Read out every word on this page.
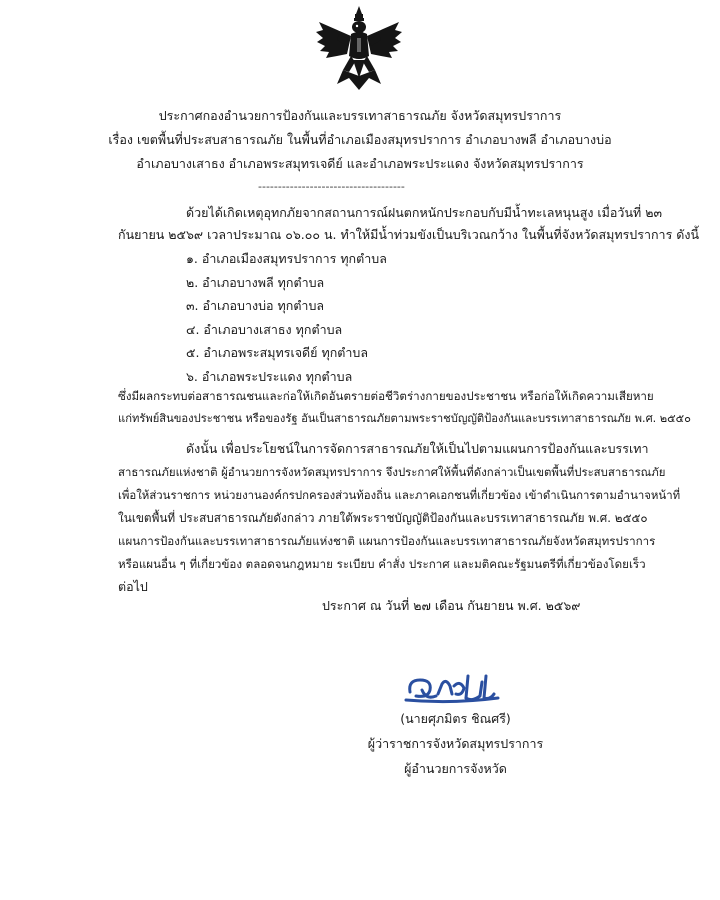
ประกาศกองอำนวยการป้องกันและบรรเทาสาธารณภัย จังหวัดสมุทรปราการ
เรื่อง เขตพื้นที่ประสบสาธารณภัย ในพื้นที่อำเภอเมืองสมุทรปราการ อำเภอบางพลี อำเภอบางบ่อ
อำเภอบางเสาธง อำเภอพระสมุทรเจดีย์ และอำเภอพระประแดง จังหวัดสมุทรปราการ
-------------------------------------
ด้วยได้เกิดเหตุอุทกภัยจากสถานการณ์ฝนตกหนักประกอบกับมีน้ำทะเลหนุนสูง เมื่อวันที่ ๒๓
กันยายน ๒๕๖๙ เวลาประมาณ ๐๖.๐๐ น. ทำให้มีน้ำท่วมขังเป็นบริเวณกว้าง ในพื้นที่จังหวัดสมุทรปราการ ดังนี้
๑. อำเภอเมืองสมุทรปราการ ทุกตำบล
๒. อำเภอบางพลี ทุกตำบล
๓. อำเภอบางบ่อ ทุกตำบล
๔. อำเภอบางเสาธง ทุกตำบล
๕. อำเภอพระสมุทรเจดีย์ ทุกตำบล
๖. อำเภอพระประแดง ทุกตำบล
ซึ่งมีผลกระทบต่อสาธารณชนและก่อให้เกิดอันตรายต่อชีวิตร่างกายของประชาชน หรือก่อให้เกิดความเสียหาย
แก่ทรัพย์สินของประชาชน หรือของรัฐ อันเป็นสาธารณภัยตามพระราชบัญญัติป้องกันและบรรเทาสาธารณภัย พ.ศ. ๒๕๕๐
ดังนั้น เพื่อประโยชน์ในการจัดการสาธารณภัยให้เป็นไปตามแผนการป้องกันและบรรเทา
สาธารณภัยแห่งชาติ ผู้อำนวยการจังหวัดสมุทรปราการ จึงประกาศให้พื้นที่ดังกล่าวเป็นเขตพื้นที่ประสบสาธารณภัย
เพื่อให้ส่วนราชการ หน่วยงานองค์กรปกครองส่วนท้องถิ่น และภาคเอกชนที่เกี่ยวข้อง เข้าดำเนินการตามอำนาจหน้าที่
ในเขตพื้นที่ ประสบสาธารณภัยดังกล่าว ภายใต้พระราชบัญญัติป้องกันและบรรเทาสาธารณภัย พ.ศ. ๒๕๕๐
แผนการป้องกันและบรรเทาสาธารณภัยแห่งชาติ แผนการป้องกันและบรรเทาสาธารณภัยจังหวัดสมุทรปราการ
หรือแผนอื่น ๆ ที่เกี่ยวข้อง ตลอดจนกฎหมาย ระเบียบ คำสั่ง ประกาศ และมติคณะรัฐมนตรีที่เกี่ยวข้องโดยเร็ว
ต่อไป
ประกาศ ณ วันที่ ๒๗ เดือน กันยายน พ.ศ. ๒๕๖๙
(นายศุภมิตร ชิณศรี)
ผู้ว่าราชการจังหวัดสมุทรปราการ
ผู้อำนวยการจังหวัด
